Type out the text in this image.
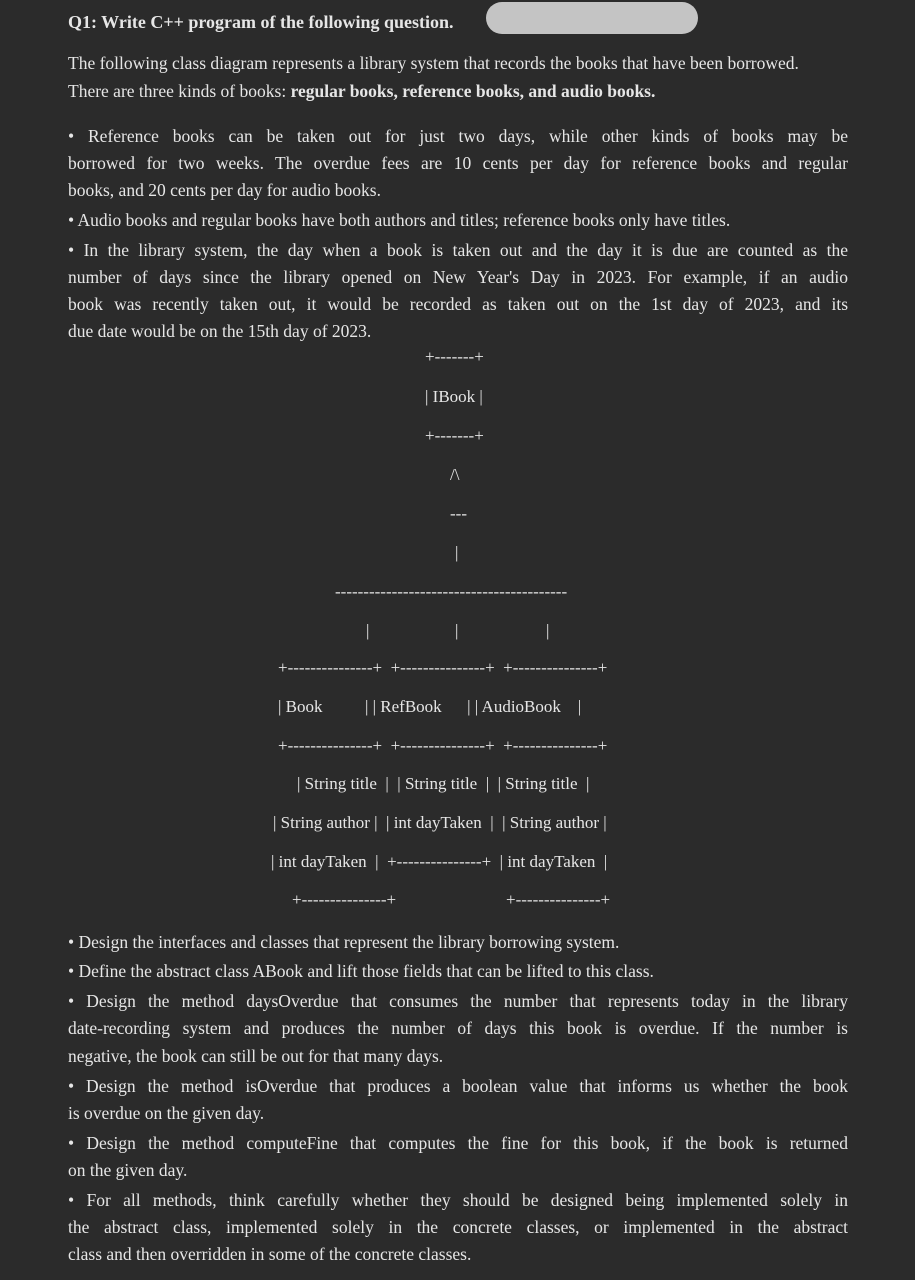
Q1: Write C++ program of the following question.
The following class diagram represents a library system that records the books that have been borrowed.
There are three kinds of books: regular books, reference books, and audio books.
• Reference books can be taken out for just two days, while other kinds of books may be
borrowed for two weeks. The overdue fees are 10 cents per day for reference books and regular
books, and 20 cents per day for audio books.
• Audio books and regular books have both authors and titles; reference books only have titles.
• In the library system, the day when a book is taken out and the day it is due are counted as the
number of days since the library opened on New Year's Day in 2023. For example, if an audio
book was recently taken out, it would be recorded as taken out on the 1st day of 2023, and its
due date would be on the 15th day of 2023.
+-------+
| IBook |
+-------+
/\
---
|
-----------------------------------------
|	|	|
+---------------+  +---------------+  +---------------+
| Book          | | RefBook      | | AudioBook    |
+---------------+  +---------------+  +---------------+
| String title  |  | String title  |  | String title  |
| String author |  | int dayTaken  |  | String author |
| int dayTaken  |  +---------------+  | int dayTaken  |
+---------------+	+---------------+
• Design the interfaces and classes that represent the library borrowing system.
• Define the abstract class ABook and lift those fields that can be lifted to this class.
• Design the method daysOverdue that consumes the number that represents today in the library
date-recording system and produces the number of days this book is overdue. If the number is
negative, the book can still be out for that many days.
• Design the method isOverdue that produces a boolean value that informs us whether the book
is overdue on the given day.
• Design the method computeFine that computes the fine for this book, if the book is returned
on the given day.
• For all methods, think carefully whether they should be designed being implemented solely in
the abstract class, implemented solely in the concrete classes, or implemented in the abstract
class and then overridden in some of the concrete classes.
